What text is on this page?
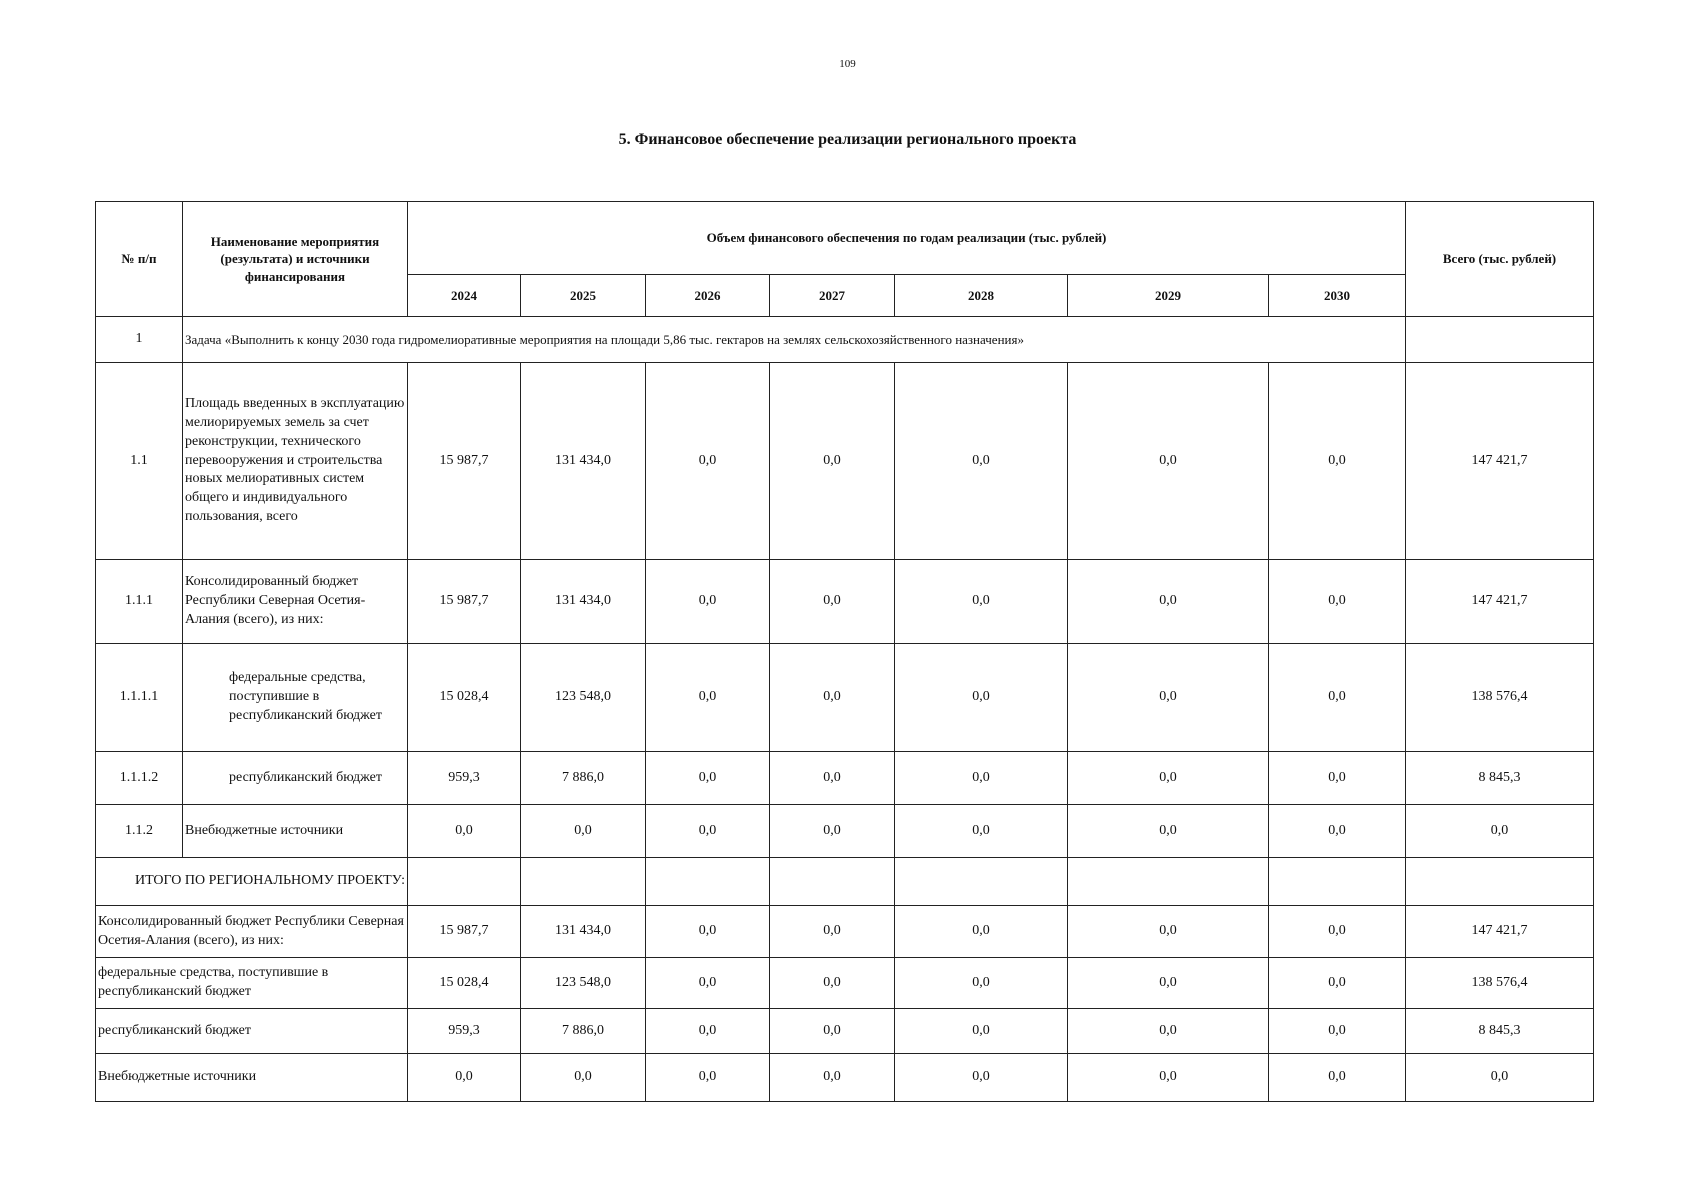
109
5. Финансовое обеспечение реализации регионального проекта
№ п/п	Наименование мероприятия (результата) и источники финансирования	Объем финансового обеспечения по годам реализации (тыс. рублей)							Всего (тыс. рублей)
		2024	2025	2026	2027	2028	2029	2030	
1	Задача «Выполнить к концу 2030 года гидромелиоративные мероприятия на площади 5,86 тыс. гектаров на землях сельскохозяйственного назначения»								
1.1	Площадь введенных в эксплуатацию мелиорируемых земель за счет реконструкции, технического перевооружения и строительства новых мелиоративных систем общего и индивидуального пользования, всего	15 987,7	131 434,0	0,0	0,0	0,0	0,0	0,0	147 421,7
1.1.1	Консолидированный бюджет Республики Северная Осетия-Алания (всего), из них:	15 987,7	131 434,0	0,0	0,0	0,0	0,0	0,0	147 421,7
1.1.1.1	федеральные средства, поступившие в республиканский бюджет	15 028,4	123 548,0	0,0	0,0	0,0	0,0	0,0	138 576,4
1.1.1.2	республиканский бюджет	959,3	7 886,0	0,0	0,0	0,0	0,0	0,0	8 845,3
1.1.2	Внебюджетные источники	0,0	0,0	0,0	0,0	0,0	0,0	0,0	0,0
ИТОГО ПО РЕГИОНАЛЬНОМУ ПРОЕКТУ:									
Консолидированный бюджет Республики Северная Осетия-Алания (всего), из них:		15 987,7	131 434,0	0,0	0,0	0,0	0,0	0,0	147 421,7
федеральные средства, поступившие в республиканский бюджет		15 028,4	123 548,0	0,0	0,0	0,0	0,0	0,0	138 576,4
республиканский бюджет		959,3	7 886,0	0,0	0,0	0,0	0,0	0,0	8 845,3
Внебюджетные источники		0,0	0,0	0,0	0,0	0,0	0,0	0,0	0,0
